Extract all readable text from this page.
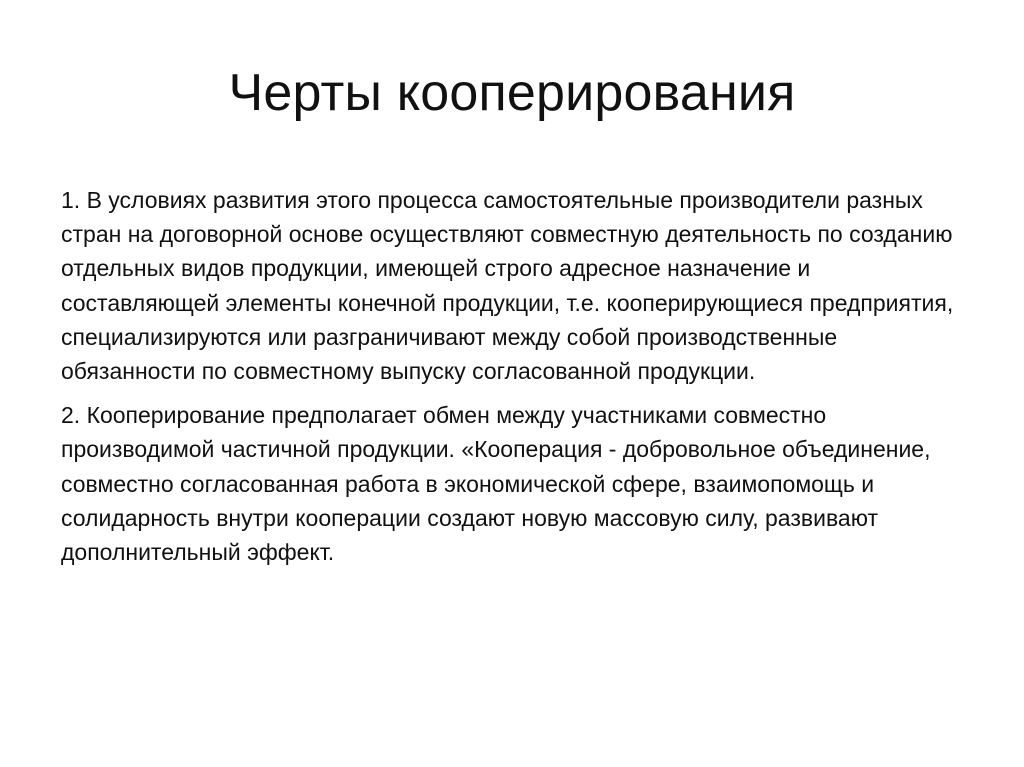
Черты кооперирования

1. В условиях развития этого процесса самостоятельные производители разных стран на договорной основе осуществляют совместную деятельность по созданию отдельных видов продукции, имеющей строго адресное назначение и составляющей элементы конечной продукции, т.е. кооперирующиеся предприятия, специализируются или разграничивают между собой производственные обязанности по совместному выпуску согласованной продукции.

2. Кооперирование предполагает обмен между участниками совместно производимой частичной продукции. «Кооперация - добровольное объединение, совместно согласованная работа в экономической сфере, взаимопомощь и солидарность внутри кооперации создают новую массовую силу, развивают дополнительный эффект.
